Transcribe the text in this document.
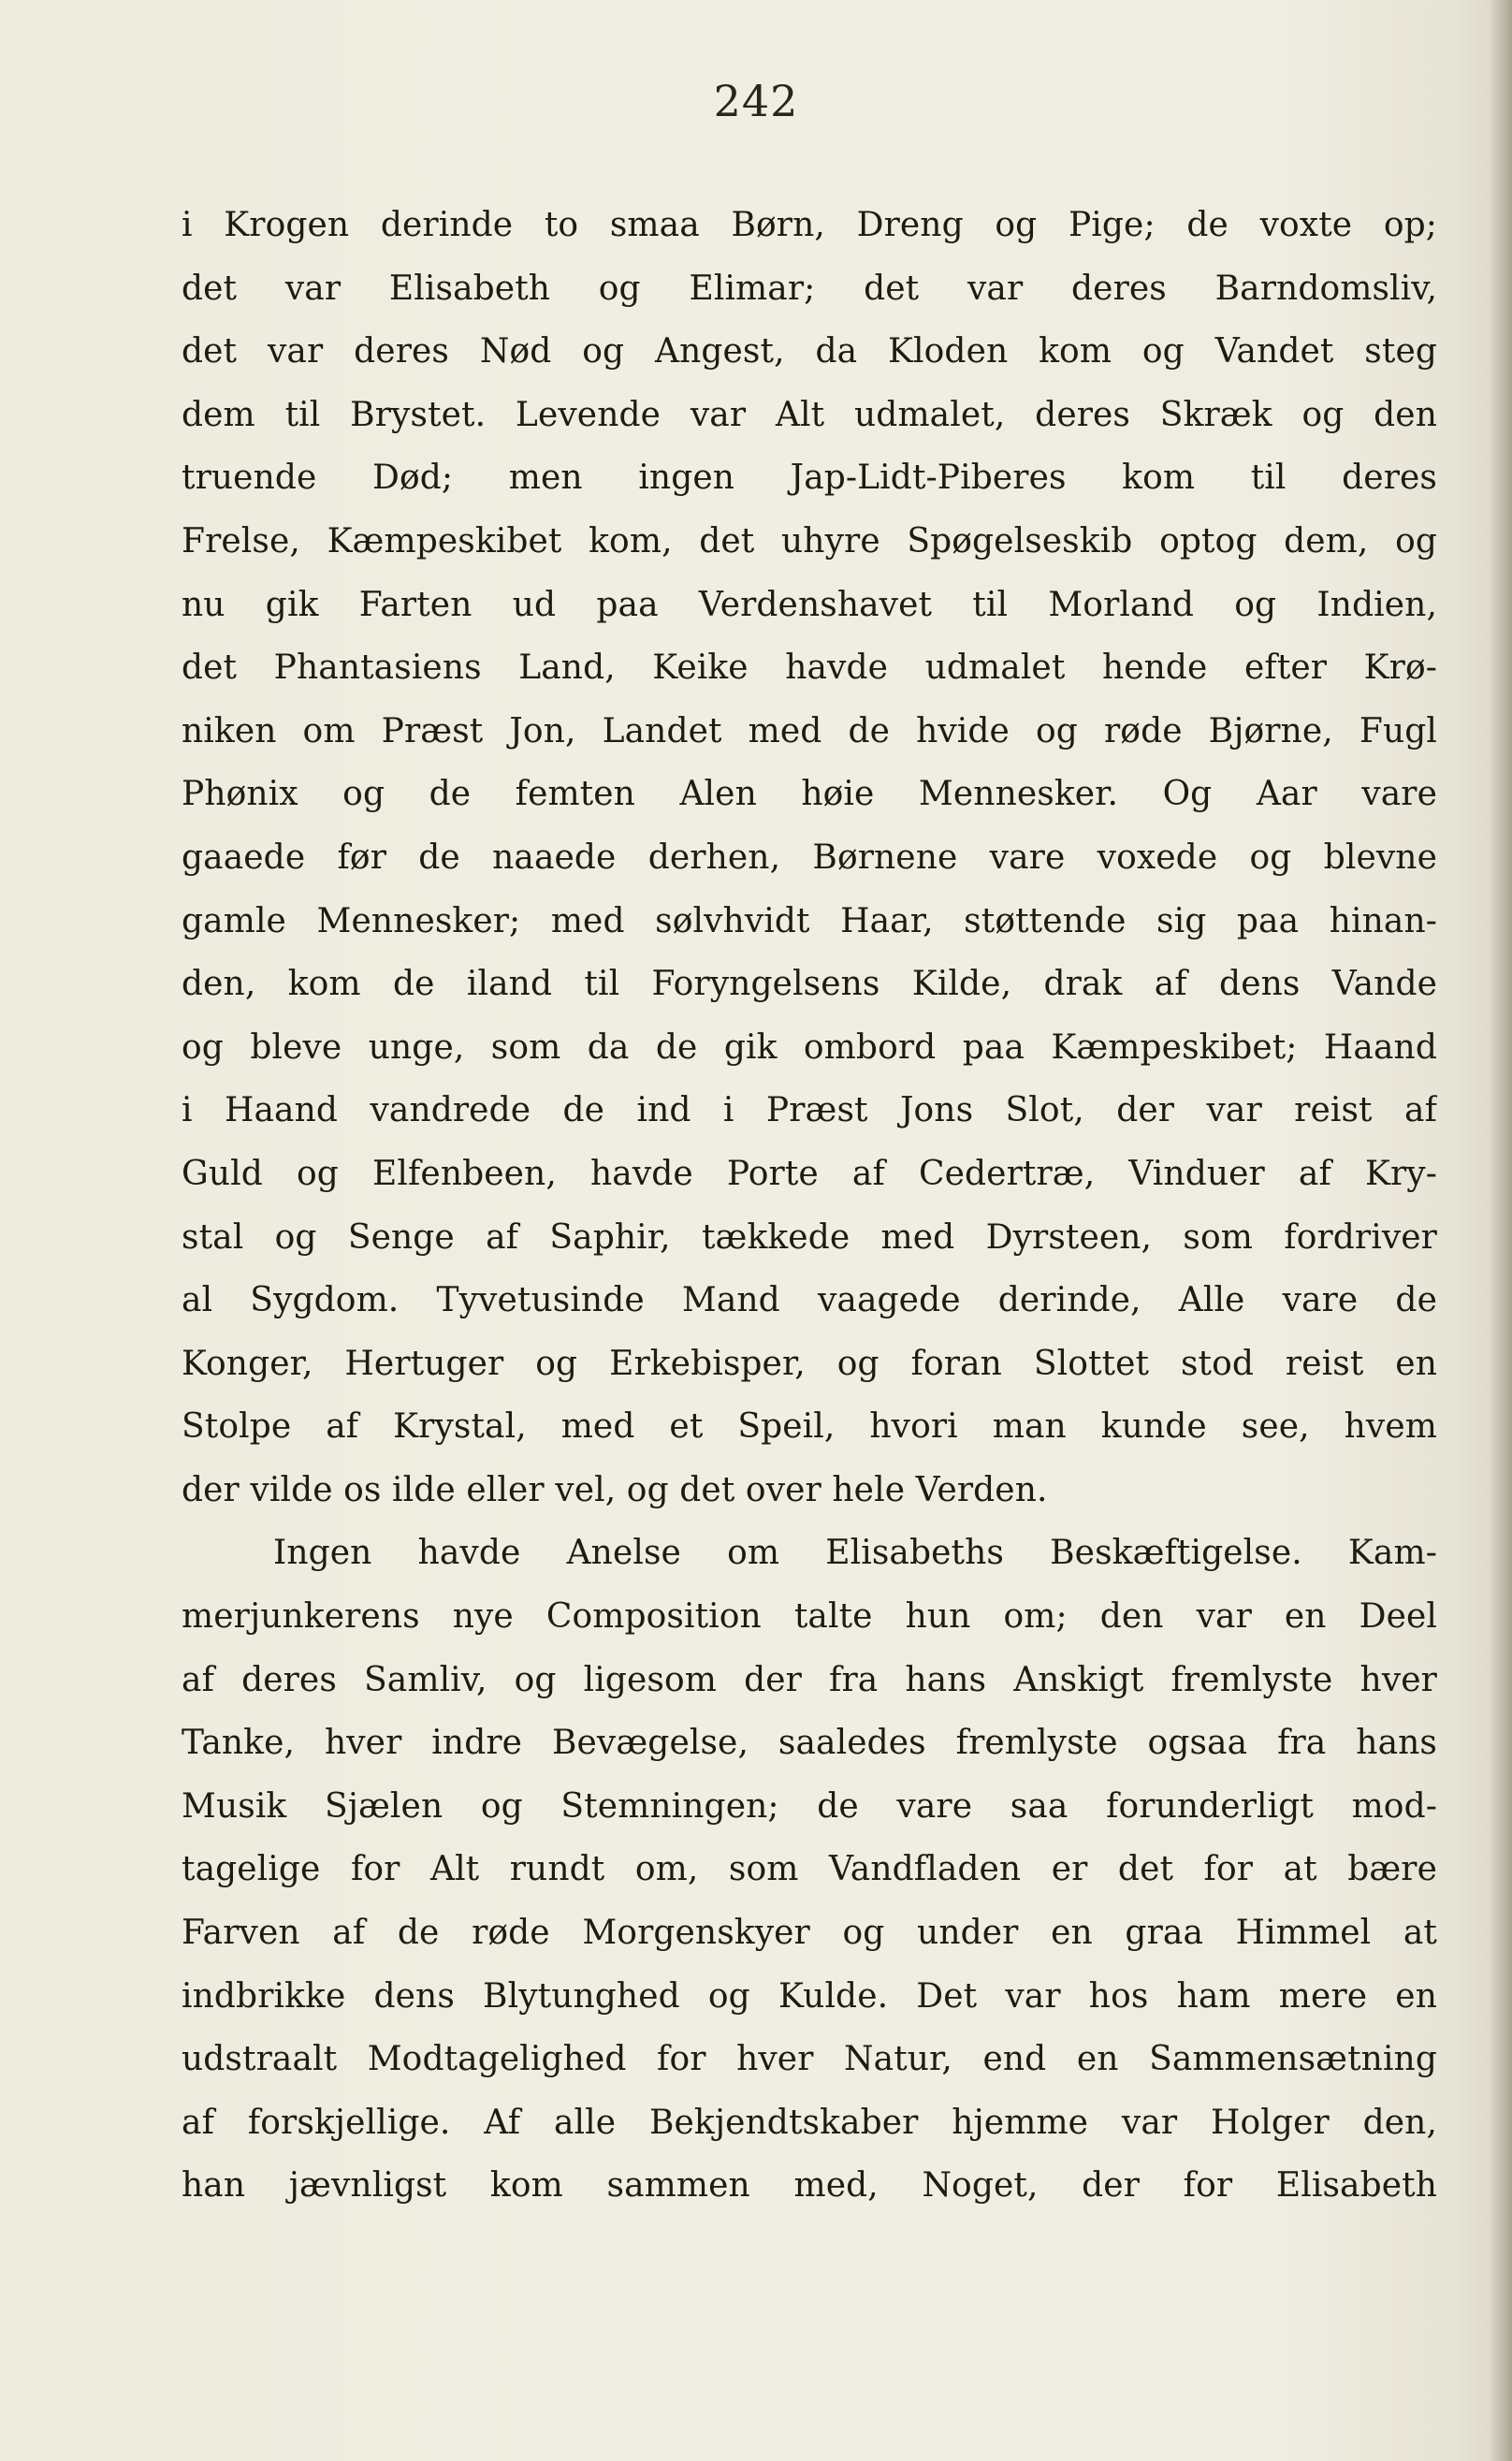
242
i Krogen derinde to smaa Børn, Dreng og Pige; de voxte op;
det var Elisabeth og Elimar; det var deres Barndomsliv,
det var deres Nød og Angest, da Kloden kom og Vandet steg
dem til Brystet. Levende var Alt udmalet, deres Skræk og den
truende Død; men ingen Jap-Lidt-Piberes kom til deres
Frelse, Kæmpeskibet kom, det uhyre Spøgelseskib optog dem, og
nu gik Farten ud paa Verdenshavet til Morland og Indien,
det Phantasiens Land, Keike havde udmalet hende efter Krø-
niken om Præst Jon, Landet med de hvide og røde Bjørne, Fugl
Phønix og de femten Alen høie Mennesker. Og Aar vare
gaaede før de naaede derhen, Børnene vare voxede og blevne
gamle Mennesker; med sølvhvidt Haar, støttende sig paa hinan-
den, kom de iland til Foryngelsens Kilde, drak af dens Vande
og bleve unge, som da de gik ombord paa Kæmpeskibet; Haand
i Haand vandrede de ind i Præst Jons Slot, der var reist af
Guld og Elfenbeen, havde Porte af Cedertræ, Vinduer af Kry-
stal og Senge af Saphir, tækkede med Dyrsteen, som fordriver
al Sygdom. Tyvetusinde Mand vaagede derinde, Alle vare de
Konger, Hertuger og Erkebisper, og foran Slottet stod reist en
Stolpe af Krystal, med et Speil, hvori man kunde see, hvem
der vilde os ilde eller vel, og det over hele Verden.
Ingen havde Anelse om Elisabeths Beskæftigelse. Kam-
merjunkerens nye Composition talte hun om; den var en Deel
af deres Samliv, og ligesom der fra hans Anskigt fremlyste hver
Tanke, hver indre Bevægelse, saaledes fremlyste ogsaa fra hans
Musik Sjælen og Stemningen; de vare saa forunderligt mod-
tagelige for Alt rundt om, som Vandfladen er det for at bære
Farven af de røde Morgenskyer og under en graa Himmel at
indbrikke dens Blytunghed og Kulde. Det var hos ham mere en
udstraalt Modtagelighed for hver Natur, end en Sammensætning
af forskjellige. Af alle Bekjendtskaber hjemme var Holger den,
han jævnligst kom sammen med, Noget, der for Elisabeth
